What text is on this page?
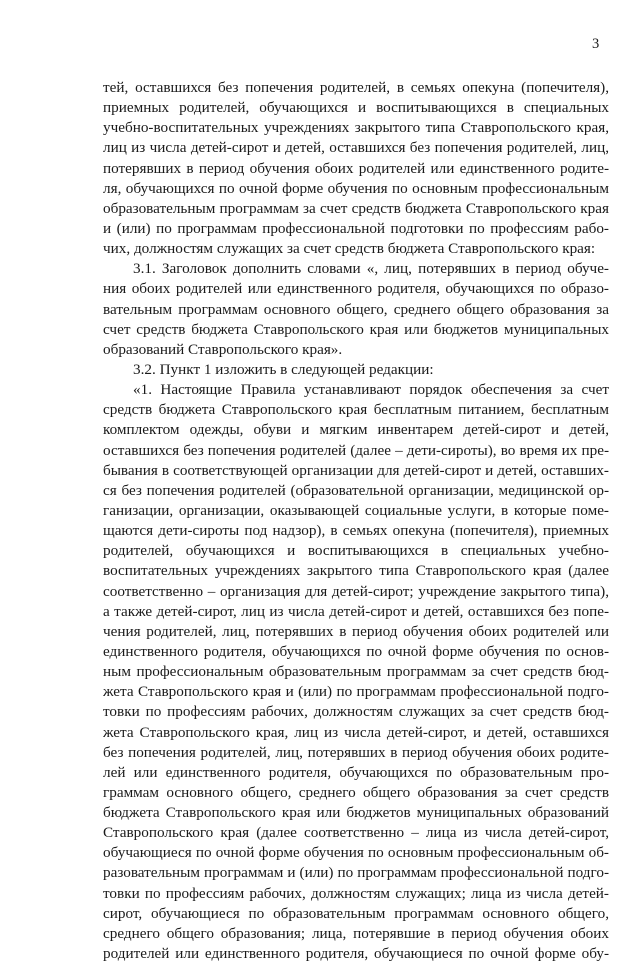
3
тей, оставшихся без попечения родителей, в семьях опекуна (попечителя),
приемных родителей, обучающихся и воспитывающихся в специальных
учебно-воспитательных учреждениях закрытого типа Ставропольского края,
лиц из числа детей-сирот и детей, оставшихся без попечения родителей, лиц,
потерявших в период обучения обоих родителей или единственного родите-
ля, обучающихся по очной форме обучения по основным профессиональным
образовательным программам за счет средств бюджета Ставропольского края
и (или) по программам профессиональной подготовки по профессиям рабо-
чих, должностям служащих за счет средств бюджета Ставропольского края:
3.1. Заголовок дополнить словами «, лиц, потерявших в период обуче-
ния обоих родителей или единственного родителя, обучающихся по образо-
вательным программам основного общего, среднего общего образования за
счет средств бюджета Ставропольского края или бюджетов муниципальных
образований Ставропольского края».
3.2. Пункт 1 изложить в следующей редакции:
«1. Настоящие Правила устанавливают порядок обеспечения за счет
средств бюджета Ставропольского края бесплатным питанием, бесплатным
комплектом одежды, обуви и мягким инвентарем детей-сирот и детей,
оставшихся без попечения родителей (далее – дети-сироты), во время их пре-
бывания в соответствующей организации для детей-сирот и детей, оставших-
ся без попечения родителей (образовательной организации, медицинской ор-
ганизации, организации, оказывающей социальные услуги, в которые поме-
щаются дети-сироты под надзор), в семьях опекуна (попечителя), приемных
родителей, обучающихся и воспитывающихся в специальных учебно-
воспитательных учреждениях закрытого типа Ставропольского края (далее
соответственно – организация для детей-сирот; учреждение закрытого типа),
а также детей-сирот, лиц из числа детей-сирот и детей, оставшихся без попе-
чения родителей, лиц, потерявших в период обучения обоих родителей или
единственного родителя, обучающихся по очной форме обучения по основ-
ным профессиональным образовательным программам за счет средств бюд-
жета Ставропольского края и (или) по программам профессиональной подго-
товки по профессиям рабочих, должностям служащих за счет средств бюд-
жета Ставропольского края, лиц из числа детей-сирот, и детей, оставшихся
без попечения родителей, лиц, потерявших в период обучения обоих родите-
лей или единственного родителя, обучающихся по образовательным про-
граммам основного общего, среднего общего образования за счет средств
бюджета Ставропольского края или бюджетов муниципальных образований
Ставропольского края (далее соответственно – лица из числа детей-сирот,
обучающиеся по очной форме обучения по основным профессиональным об-
разовательным программам и (или) по программам профессиональной подго-
товки по профессиям рабочих, должностям служащих; лица из числа детей-
сирот, обучающиеся по образовательным программам основного общего,
среднего общего образования; лица, потерявшие в период обучения обоих
родителей или единственного родителя, обучающиеся по очной форме обу-
